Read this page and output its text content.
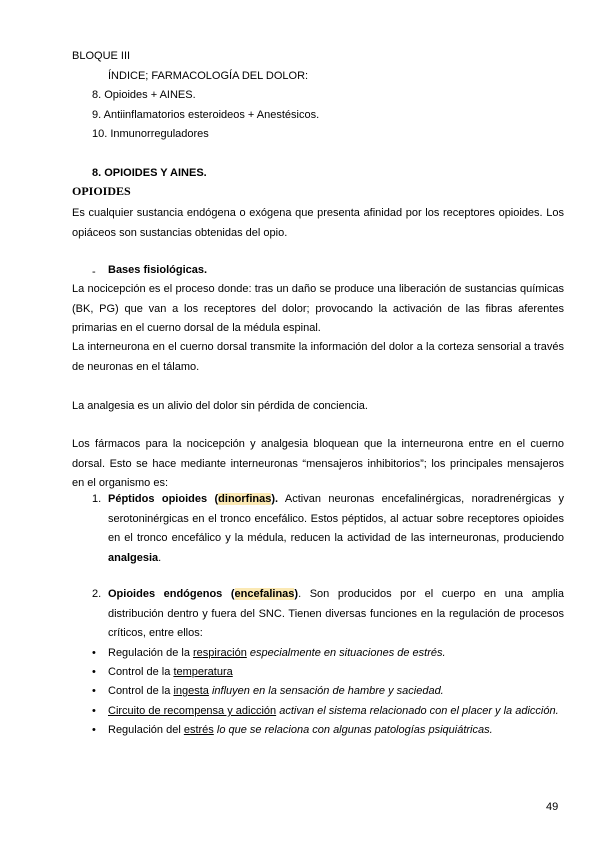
BLOQUE III
ÍNDICE; FARMACOLOGÍA DEL DOLOR:
8. Opioides + AINES.
9. Antiinflamatorios esteroideos + Anestésicos.
10. Inmunorreguladores
8. OPIOIDES Y AINES.
OPIOIDES

Es cualquier sustancia endógena o exógena que presenta afinidad por los receptores opioides. Los opiáceos son sustancias obtenidas del opio.

- Bases fisiológicas.

La nocicepción es el proceso donde: tras un daño se produce una liberación de sustancias químicas (BK, PG) que van a los receptores del dolor; provocando la activación de las fibras aferentes primarias en el cuerno dorsal de la médula espinal.

La interneurona en el cuerno dorsal transmite la información del dolor a la corteza sensorial a través de neuronas en el tálamo.

La analgesia es un alivio del dolor sin pérdida de conciencia.

Los fármacos para la nocicepción y analgesia bloquean que la interneurona entre en el cuerno dorsal. Esto se hace mediante interneuronas “mensajeros inhibitorios”; los principales mensajeros en el organismo es:

1. Péptidos opioides (dinorfinas). Activan neuronas encefalinérgicas, noradrenérgicas y serotoninérgicas en el tronco encefálico. Estos péptidos, al actuar sobre receptores opioides en el tronco encefálico y la médula, reducen la actividad de las interneuronas, produciendo analgesia.

2. Opioides endógenos (encefalinas). Son producidos por el cuerpo en una amplia distribución dentro y fuera del SNC. Tienen diversas funciones en la regulación de procesos críticos, entre ellos:

• Regulación de la respiración especialmente en situaciones de estrés.
• Control de la temperatura
• Control de la ingesta influyen en la sensación de hambre y saciedad.
• Circuito de recompensa y adicción activan el sistema relacionado con el placer y la adicción.
• Regulación del estrés lo que se relaciona con algunas patologías psiquiátricas.
49
